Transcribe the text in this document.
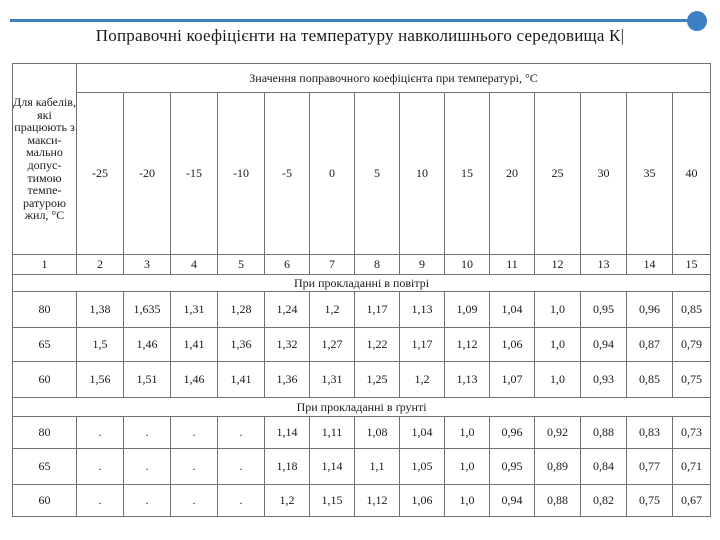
Поправочні коефіцієнти на температуру навколишнього середовища К|
Для кабелів, які працюють з макси-мально допус-тимою темпе-ратурою жил, °С	Значення поправочного коефіцієнта при температурі, °С													
	-25	-20	-15	-10	-5	0	5	10	15	20	25	30	35	40
1	2	3	4	5	6	7	8	9	10	11	12	13	14	15
При прокладанні в повітрі														
80	1,38	1,635	1,31	1,28	1,24	1,2	1,17	1,13	1,09	1,04	1,0	0,95	0,96	0,85
65	1,5	1,46	1,41	1,36	1,32	1,27	1,22	1,17	1,12	1,06	1,0	0,94	0,87	0,79
60	1,56	1,51	1,46	1,41	1,36	1,31	1,25	1,2	1,13	1,07	1,0	0,93	0,85	0,75
При прокладанні в ґрунті														
80	.	.	.	.	1,14	1,11	1,08	1,04	1,0	0,96	0,92	0,88	0,83	0,73
65	.	.	.	.	1,18	1,14	1,1	1,05	1,0	0,95	0,89	0,84	0,77	0,71
60	.	.	.	.	1,2	1,15	1,12	1,06	1,0	0,94	0,88	0,82	0,75	0,67
